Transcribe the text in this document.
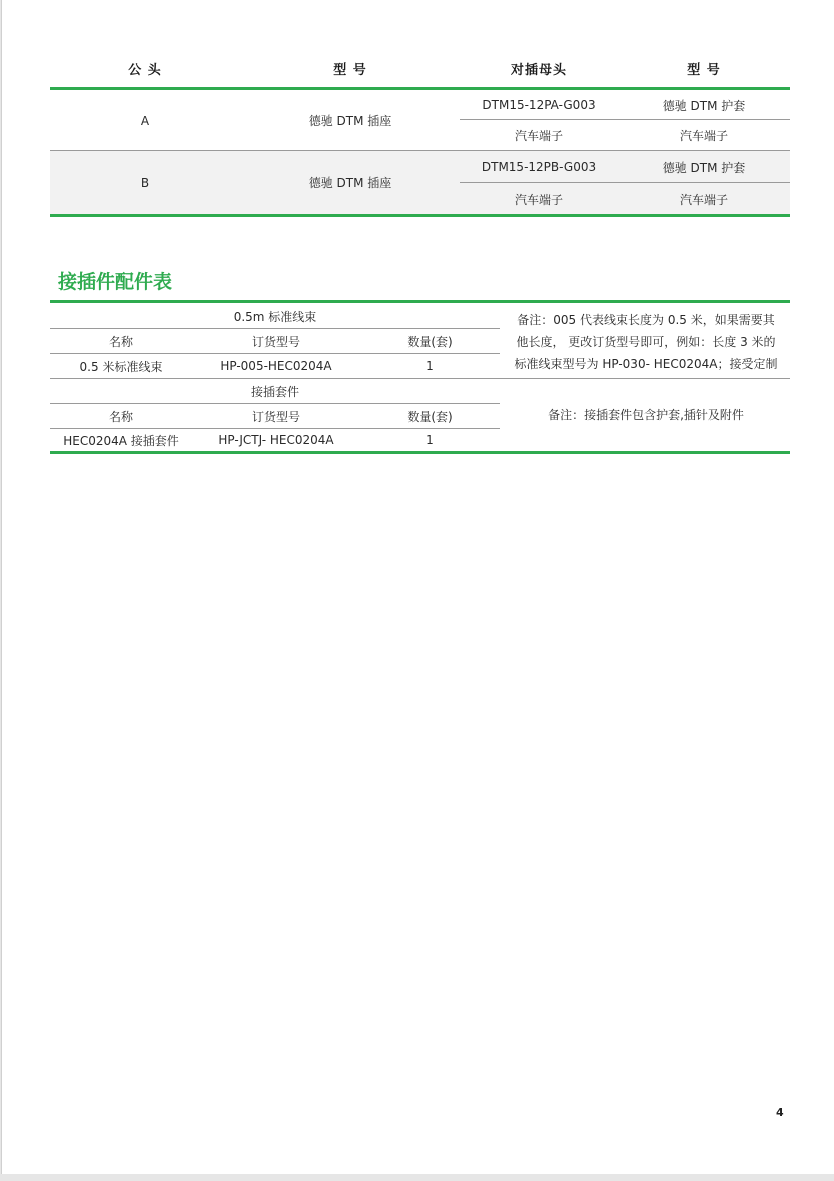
公 头	型 号	对插母头	型 号
A	德驰 DTM 插座
DTM15-12PA-G003	德驰 DTM 护套
汽车端子	汽车端子
B	德驰 DTM 插座
DTM15-12PB-G003	德驰 DTM 护套
汽车端子	汽车端子
接插件配件表
0.5m 标准线束
名称	订货型号	数量(套)
0.5 米标准线束	HP-005-HEC0204A	1
备注：005 代表线束长度为 0.5 米，如果需要其
他长度， 更改订货型号即可，例如：长度 3 米的
标准线束型号为 HP-030- HEC0204A；接受定制
接插套件
名称	订货型号	数量(套)
HEC0204A 接插套件	HP-JCTJ- HEC0204A	1
备注：接插套件包含护套,插针及附件
4
